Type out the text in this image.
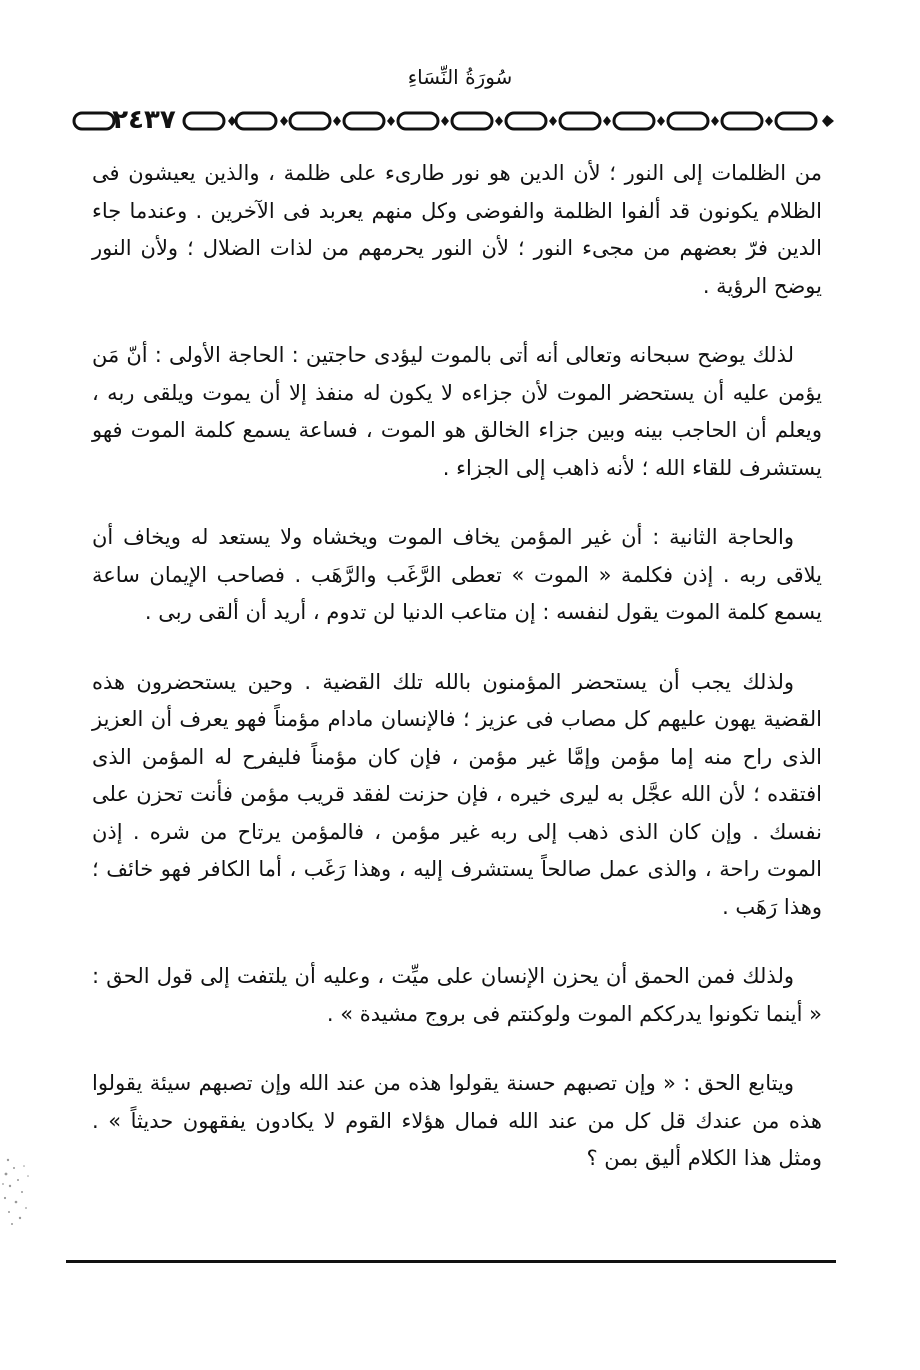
سُورَةُ النِّسَاءِ
٢٤٣٧

من الظلمات إلى النور ؛ لأن الدين هو نور طارىء على ظلمة ، والذين يعيشون فى الظلام يكونون قد ألفوا الظلمة والفوضى وكل منهم يعربد فى الآخرين . وعندما جاء الدين فرّ بعضهم من مجىء النور ؛ لأن النور يحرمهم من لذات الضلال ؛ ولأن النور يوضح الرؤية .

لذلك يوضح سبحانه وتعالى أنه أتى بالموت ليؤدى حاجتين : الحاجة الأولى : أنّ مَن يؤمن عليه أن يستحضر الموت لأن جزاءه لا يكون له منفذ إلا أن يموت ويلقى ربه ، ويعلم أن الحاجب بينه وبين جزاء الخالق هو الموت ، فساعة يسمع كلمة الموت فهو يستشرف للقاء الله ؛ لأنه ذاهب إلى الجزاء .

والحاجة الثانية : أن غير المؤمن يخاف الموت ويخشاه ولا يستعد له ويخاف أن يلاقى ربه . إذن فكلمة « الموت » تعطى الرَّغَب والرَّهَب . فصاحب الإيمان ساعة يسمع كلمة الموت يقول لنفسه : إن متاعب الدنيا لن تدوم ، أريد أن ألقى ربى .

ولذلك يجب أن يستحضر المؤمنون بالله تلك القضية . وحين يستحضرون هذه القضية يهون عليهم كل مصاب فى عزيز ؛ فالإنسان مادام مؤمناً فهو يعرف أن العزيز الذى راح منه إما مؤمن وإمَّا غير مؤمن ، فإن كان مؤمناً فليفرح له المؤمن الذى افتقده ؛ لأن الله عجَّل به ليرى خيره ، فإن حزنت لفقد قريب مؤمن فأنت تحزن على نفسك . وإن كان الذى ذهب إلى ربه غير مؤمن ، فالمؤمن يرتاح من شره . إذن الموت راحة ، والذى عمل صالحاً يستشرف إليه ، وهذا رَغَب ، أما الكافر فهو خائف ؛ وهذا رَهَب .

ولذلك فمن الحمق أن يحزن الإنسان على ميِّت ، وعليه أن يلتفت إلى قول الحق : « أينما تكونوا يدرككم الموت ولوكنتم فى بروج مشيدة » .

ويتابع الحق : « وإن تصبهم حسنة يقولوا هذه من عند الله وإن تصبهم سيئة يقولوا هذه من عندك قل كل من عند الله فمال هؤلاء القوم لا يكادون يفقهون حديثاً » . ومثل هذا الكلام أليق بمن ؟
